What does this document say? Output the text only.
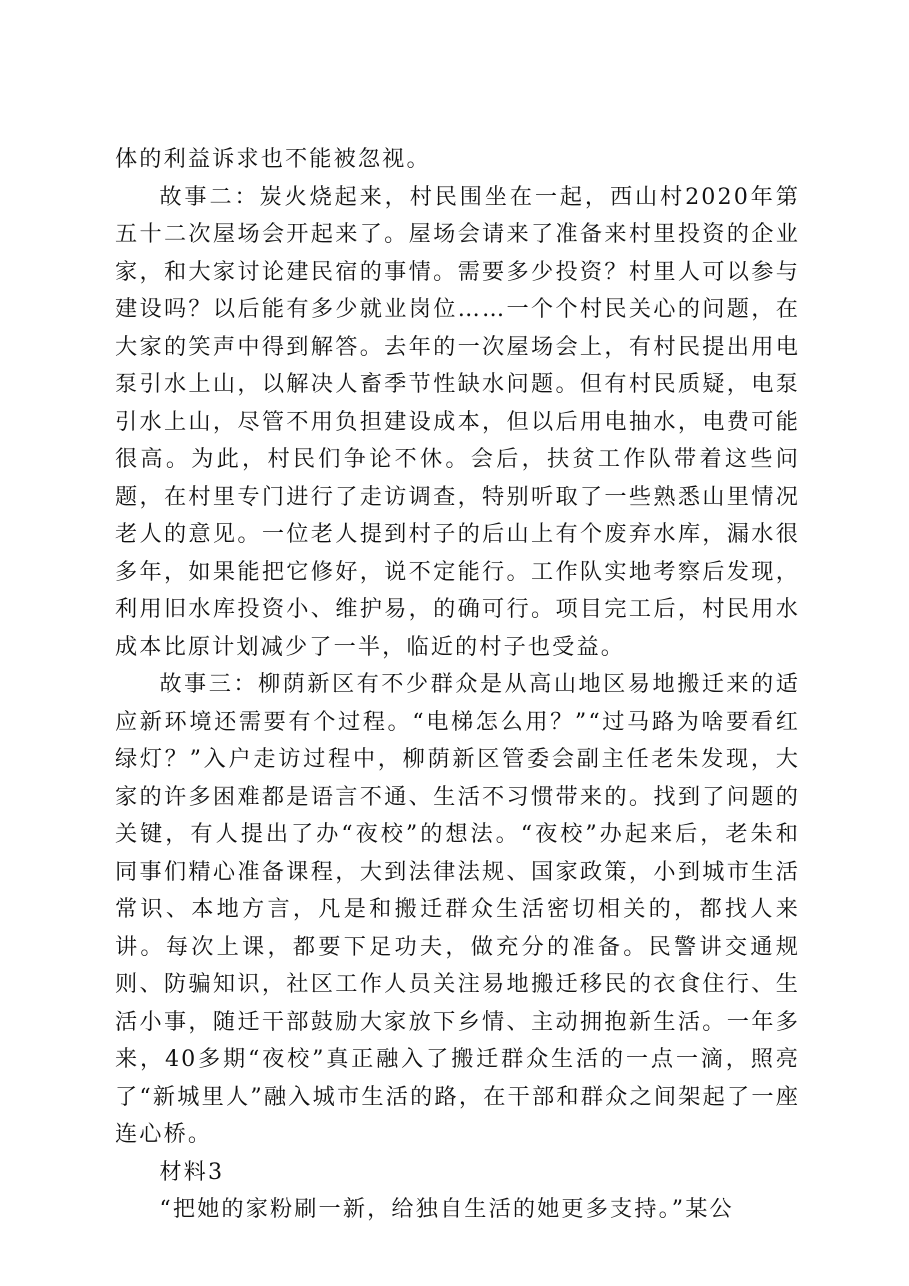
体的利益诉求也不能被忽视。

故事二：炭火烧起来，村民围坐在一起，西山村2020年第五十二次屋场会开起来了。屋场会请来了准备来村里投资的企业家，和大家讨论建民宿的事情。需要多少投资？村里人可以参与建设吗？以后能有多少就业岗位……一个个村民关心的问题，在大家的笑声中得到解答。去年的一次屋场会上，有村民提出用电泵引水上山，以解决人畜季节性缺水问题。但有村民质疑，电泵引水上山，尽管不用负担建设成本，但以后用电抽水，电费可能很高。为此，村民们争论不休。会后，扶贫工作队带着这些问题，在村里专门进行了走访调查，特别听取了一些熟悉山里情况老人的意见。一位老人提到村子的后山上有个废弃水库，漏水很多年，如果能把它修好，说不定能行。工作队实地考察后发现，利用旧水库投资小、维护易，的确可行。项目完工后，村民用水成本比原计划减少了一半，临近的村子也受益。

故事三：柳荫新区有不少群众是从高山地区易地搬迁来的适应新环境还需要有个过程。“电梯怎么用？”“过马路为啥要看红绿灯？”入户走访过程中，柳荫新区管委会副主任老朱发现，大家的许多困难都是语言不通、生活不习惯带来的。找到了问题的关键，有人提出了办“夜校”的想法。“夜校”办起来后，老朱和同事们精心准备课程，大到法律法规、国家政策，小到城市生活常识、本地方言，凡是和搬迁群众生活密切相关的，都找人来讲。每次上课，都要下足功夫，做充分的准备。民警讲交通规则、防骗知识，社区工作人员关注易地搬迁移民的衣食住行、生活小事，随迁干部鼓励大家放下乡情、主动拥抱新生活。一年多来，40多期“夜校”真正融入了搬迁群众生活的一点一滴，照亮了“新城里人”融入城市生活的路，在干部和群众之间架起了一座连心桥。

材料3

“把她的家粉刷一新，给独自生活的她更多支持。”某公
